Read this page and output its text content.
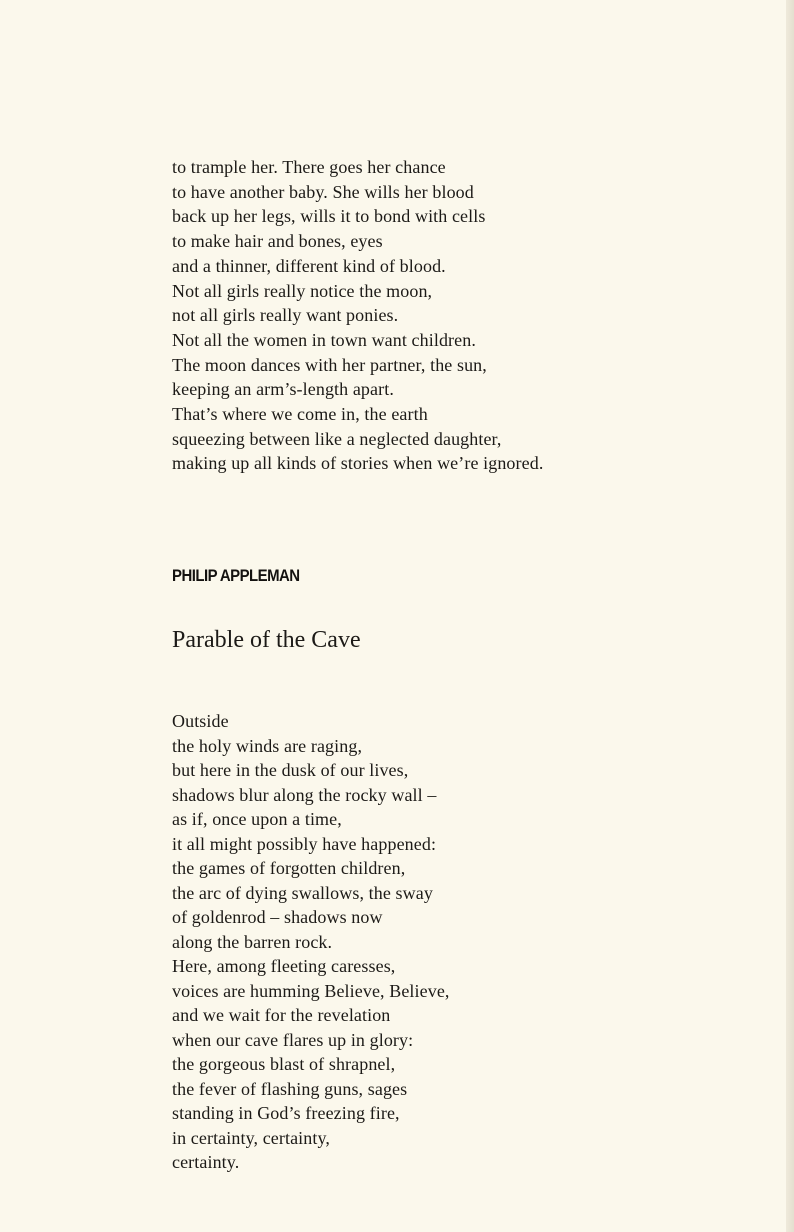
to trample her. There goes her chance
to have another baby. She wills her blood
back up her legs, wills it to bond with cells
to make hair and bones, eyes
and a thinner, different kind of blood.
Not all girls really notice the moon,
not all girls really want ponies.
Not all the women in town want children.
The moon dances with her partner, the sun,
keeping an arm’s-length apart.
That’s where we come in, the earth
squeezing between like a neglected daughter,
making up all kinds of stories when we’re ignored.
PHILIP APPLEMAN
Parable of the Cave
Outside
the holy winds are raging,
but here in the dusk of our lives,
shadows blur along the rocky wall –
as if, once upon a time,
it all might possibly have happened:
the games of forgotten children,
the arc of dying swallows, the sway
of goldenrod – shadows now
along the barren rock.
Here, among fleeting caresses,
voices are humming Believe, Believe,
and we wait for the revelation
when our cave flares up in glory:
the gorgeous blast of shrapnel,
the fever of flashing guns, sages
standing in God’s freezing fire,
in certainty, certainty,
certainty.
